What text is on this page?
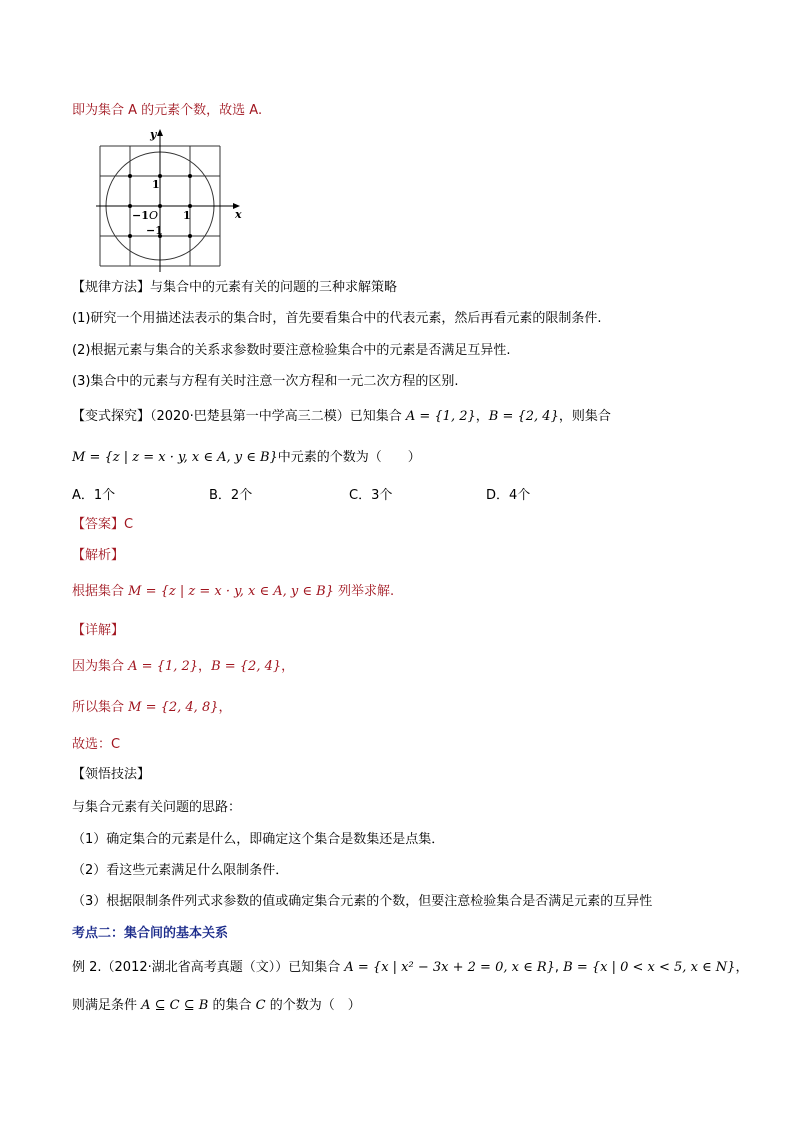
即为集合 A 的元素个数，故选 A.
y
x
O 1
−1
1
−1
【规律方法】与集合中的元素有关的问题的三种求解策略
(1)研究一个用描述法表示的集合时，首先要看集合中的代表元素，然后再看元素的限制条件.
(2)根据元素与集合的关系求参数时要注意检验集合中的元素是否满足互异性.
(3)集合中的元素与方程有关时注意一次方程和一元二次方程的区别.
【变式探究】（2020·巴楚县第一中学高三二模）已知集合 A = {1, 2}，B = {2, 4}，则集合
M = {z | z = x · y, x ∈ A, y ∈ B}中元素的个数为（　　）
A．1个	B．2个	C．3个	D．4个
【答案】C
【解析】
根据集合 M = {z | z = x · y, x ∈ A, y ∈ B} 列举求解.
【详解】
因为集合 A = {1, 2}，B = {2, 4}，
所以集合 M = {2, 4, 8}，
故选：C
【领悟技法】
与集合元素有关问题的思路：
（1）确定集合的元素是什么，即确定这个集合是数集还是点集．
（2）看这些元素满足什么限制条件．
（3）根据限制条件列式求参数的值或确定集合元素的个数，但要注意检验集合是否满足元素的互异性
考点二：集合间的基本关系
例 2.（2012·湖北省高考真题（文））已知集合 A = {x | x² − 3x + 2 = 0, x ∈ R}, B = {x | 0 < x < 5, x ∈ N}，
则满足条件 A ⊆ C ⊆ B 的集合 C 的个数为（　）
